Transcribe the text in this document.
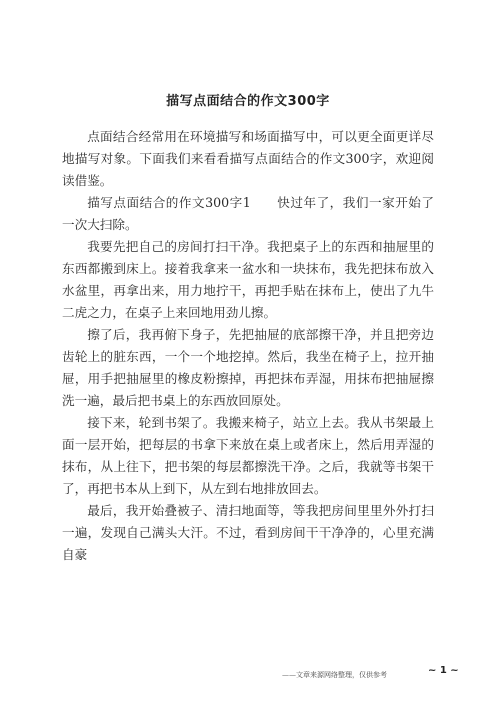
描写点面结合的作文300字

点面结合经常用在环境描写和场面描写中，可以更全面更详尽地描写对象。下面我们来看看描写点面结合的作文300字，欢迎阅读借鉴。

描写点面结合的作文300字1 快过年了，我们一家开始了一次大扫除。

我要先把自己的房间打扫干净。我把桌子上的东西和抽屉里的东西都搬到床上。接着我拿来一盆水和一块抹布，我先把抹布放入水盆里，再拿出来，用力地拧干，再把手贴在抹布上，使出了九牛二虎之力，在桌子上来回地用劲儿擦。

擦了后，我再俯下身子，先把抽屉的底部擦干净，并且把旁边齿轮上的脏东西，一个一个地挖掉。然后，我坐在椅子上，拉开抽屉，用手把抽屉里的橡皮粉擦掉，再把抹布弄湿，用抹布把抽屉擦洗一遍，最后把书桌上的东西放回原处。

接下来，轮到书架了。我搬来椅子，站立上去。我从书架最上面一层开始，把每层的书拿下来放在桌上或者床上，然后用弄湿的抹布，从上往下，把书架的每层都擦洗干净。之后，我就等书架干了，再把书本从上到下，从左到右地排放回去。

最后，我开始叠被子、清扫地面等，等我把房间里里外外打扫一遍，发现自己满头大汗。不过，看到房间干干净净的，心里充满自豪

——文章来源网络整理，仅供参考	~ 1 ~
